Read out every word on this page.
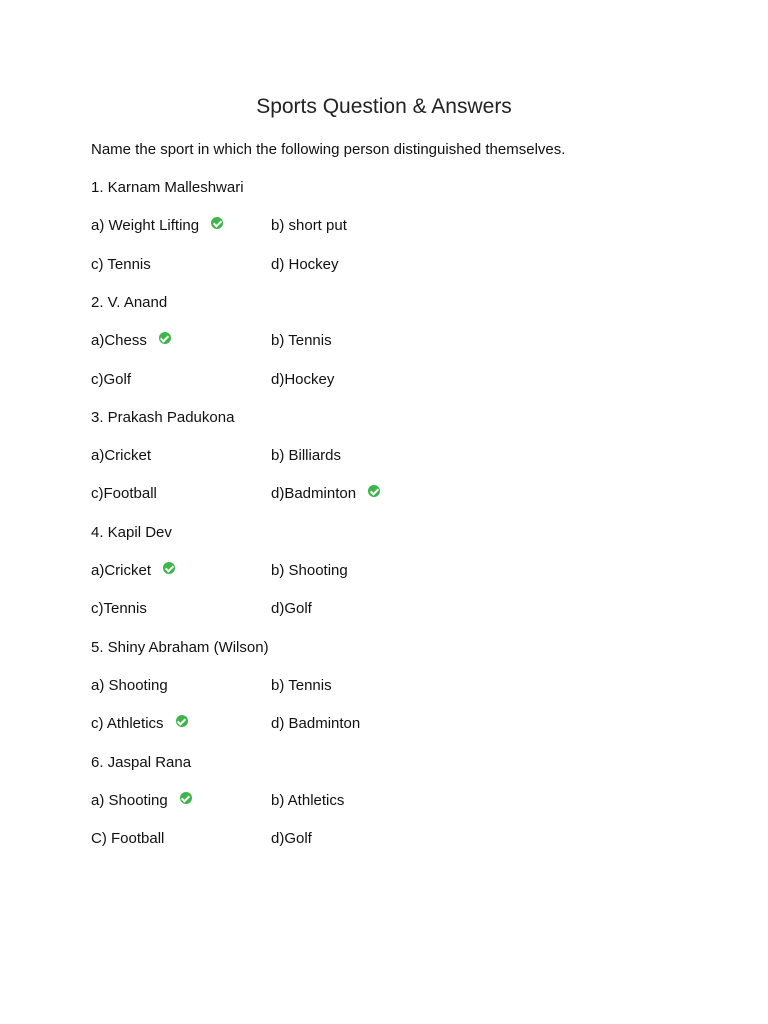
Sports Question & Answers
Name the sport in which the following person distinguished themselves.
1. Karnam Malleshwari
a) Weight Lifting	b) short put
c) Tennis	d) Hockey
2. V. Anand
a)Chess	b) Tennis
c)Golf	d)Hockey
3. Prakash Padukona
a)Cricket	b) Billiards
c)Football	d)Badminton
4. Kapil Dev
a)Cricket	b) Shooting
c)Tennis	d)Golf
5. Shiny Abraham (Wilson)
a) Shooting	b) Tennis
c) Athletics	d) Badminton
6. Jaspal Rana
a) Shooting	b) Athletics
C) Football	d)Golf
